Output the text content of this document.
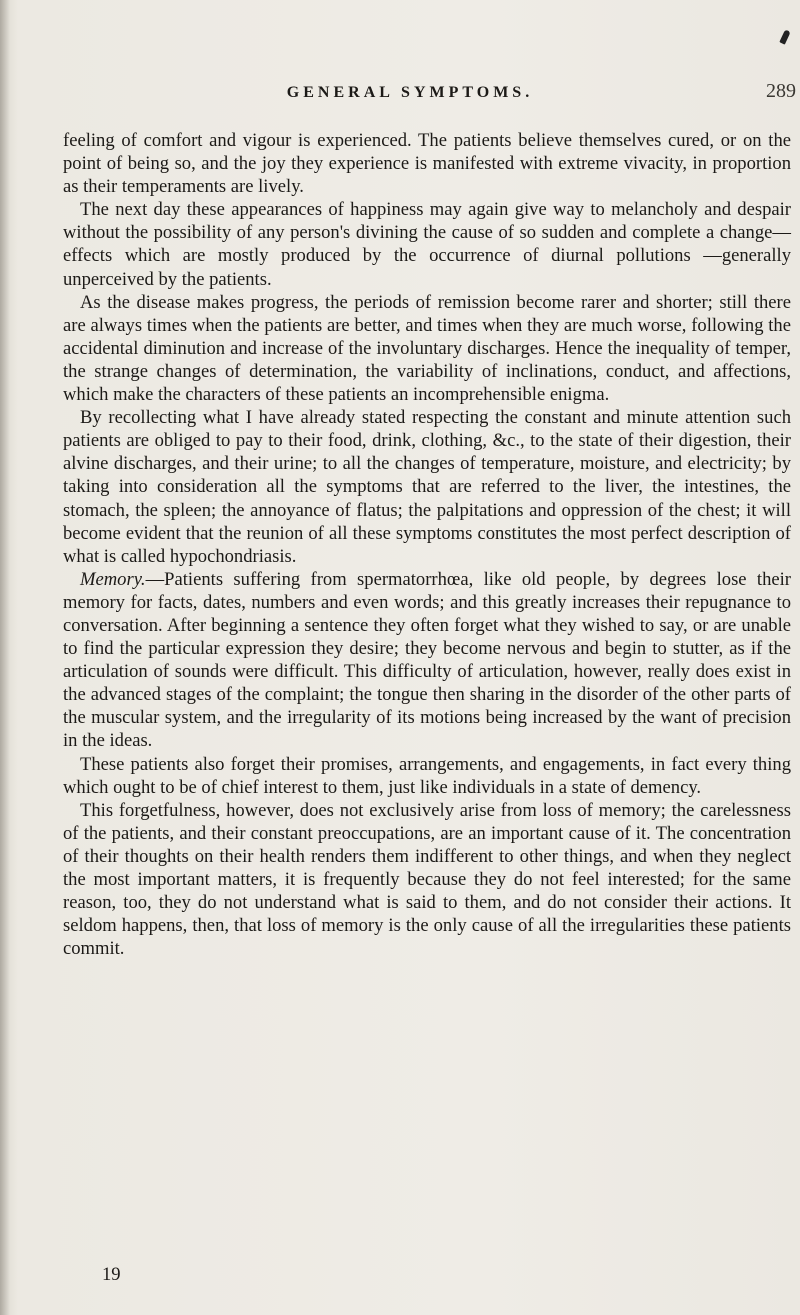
GENERAL SYMPTOMS.	289

feeling of comfort and vigour is experienced. The patients believe themselves cured, or on the point of being so, and the joy they experience is manifested with extreme vivacity, in proportion as their temperaments are lively.

The next day these appearances of happiness may again give way to melancholy and despair without the possibility of any person's divining the cause of so sudden and complete a change—effects which are mostly produced by the occurrence of diurnal pollutions —generally unperceived by the patients.

As the disease makes progress, the periods of remission become rarer and shorter; still there are always times when the patients are better, and times when they are much worse, following the accidental diminution and increase of the involuntary discharges. Hence the inequality of temper, the strange changes of determination, the variability of inclinations, conduct, and affections, which make the characters of these patients an incomprehensible enigma.

By recollecting what I have already stated respecting the constant and minute attention such patients are obliged to pay to their food, drink, clothing, &c., to the state of their digestion, their alvine discharges, and their urine; to all the changes of temperature, moisture, and electricity; by taking into consideration all the symptoms that are referred to the liver, the intestines, the stomach, the spleen; the annoyance of flatus; the palpitations and oppression of the chest; it will become evident that the reunion of all these symptoms constitutes the most perfect description of what is called hypochondriasis.

Memory.—Patients suffering from spermatorrhœa, like old people, by degrees lose their memory for facts, dates, numbers and even words; and this greatly increases their repugnance to conversation. After beginning a sentence they often forget what they wished to say, or are unable to find the particular expression they desire; they become nervous and begin to stutter, as if the articulation of sounds were difficult. This difficulty of articulation, however, really does exist in the advanced stages of the complaint; the tongue then sharing in the disorder of the other parts of the muscular system, and the irregularity of its motions being increased by the want of precision in the ideas.

These patients also forget their promises, arrangements, and engagements, in fact every thing which ought to be of chief interest to them, just like individuals in a state of demency.

This forgetfulness, however, does not exclusively arise from loss of memory; the carelessness of the patients, and their constant preoccupations, are an important cause of it. The concentration of their thoughts on their health renders them indifferent to other things, and when they neglect the most important matters, it is frequently because they do not feel interested; for the same reason, too, they do not understand what is said to them, and do not consider their actions. It seldom happens, then, that loss of memory is the only cause of all the irregularities these patients commit.

19
